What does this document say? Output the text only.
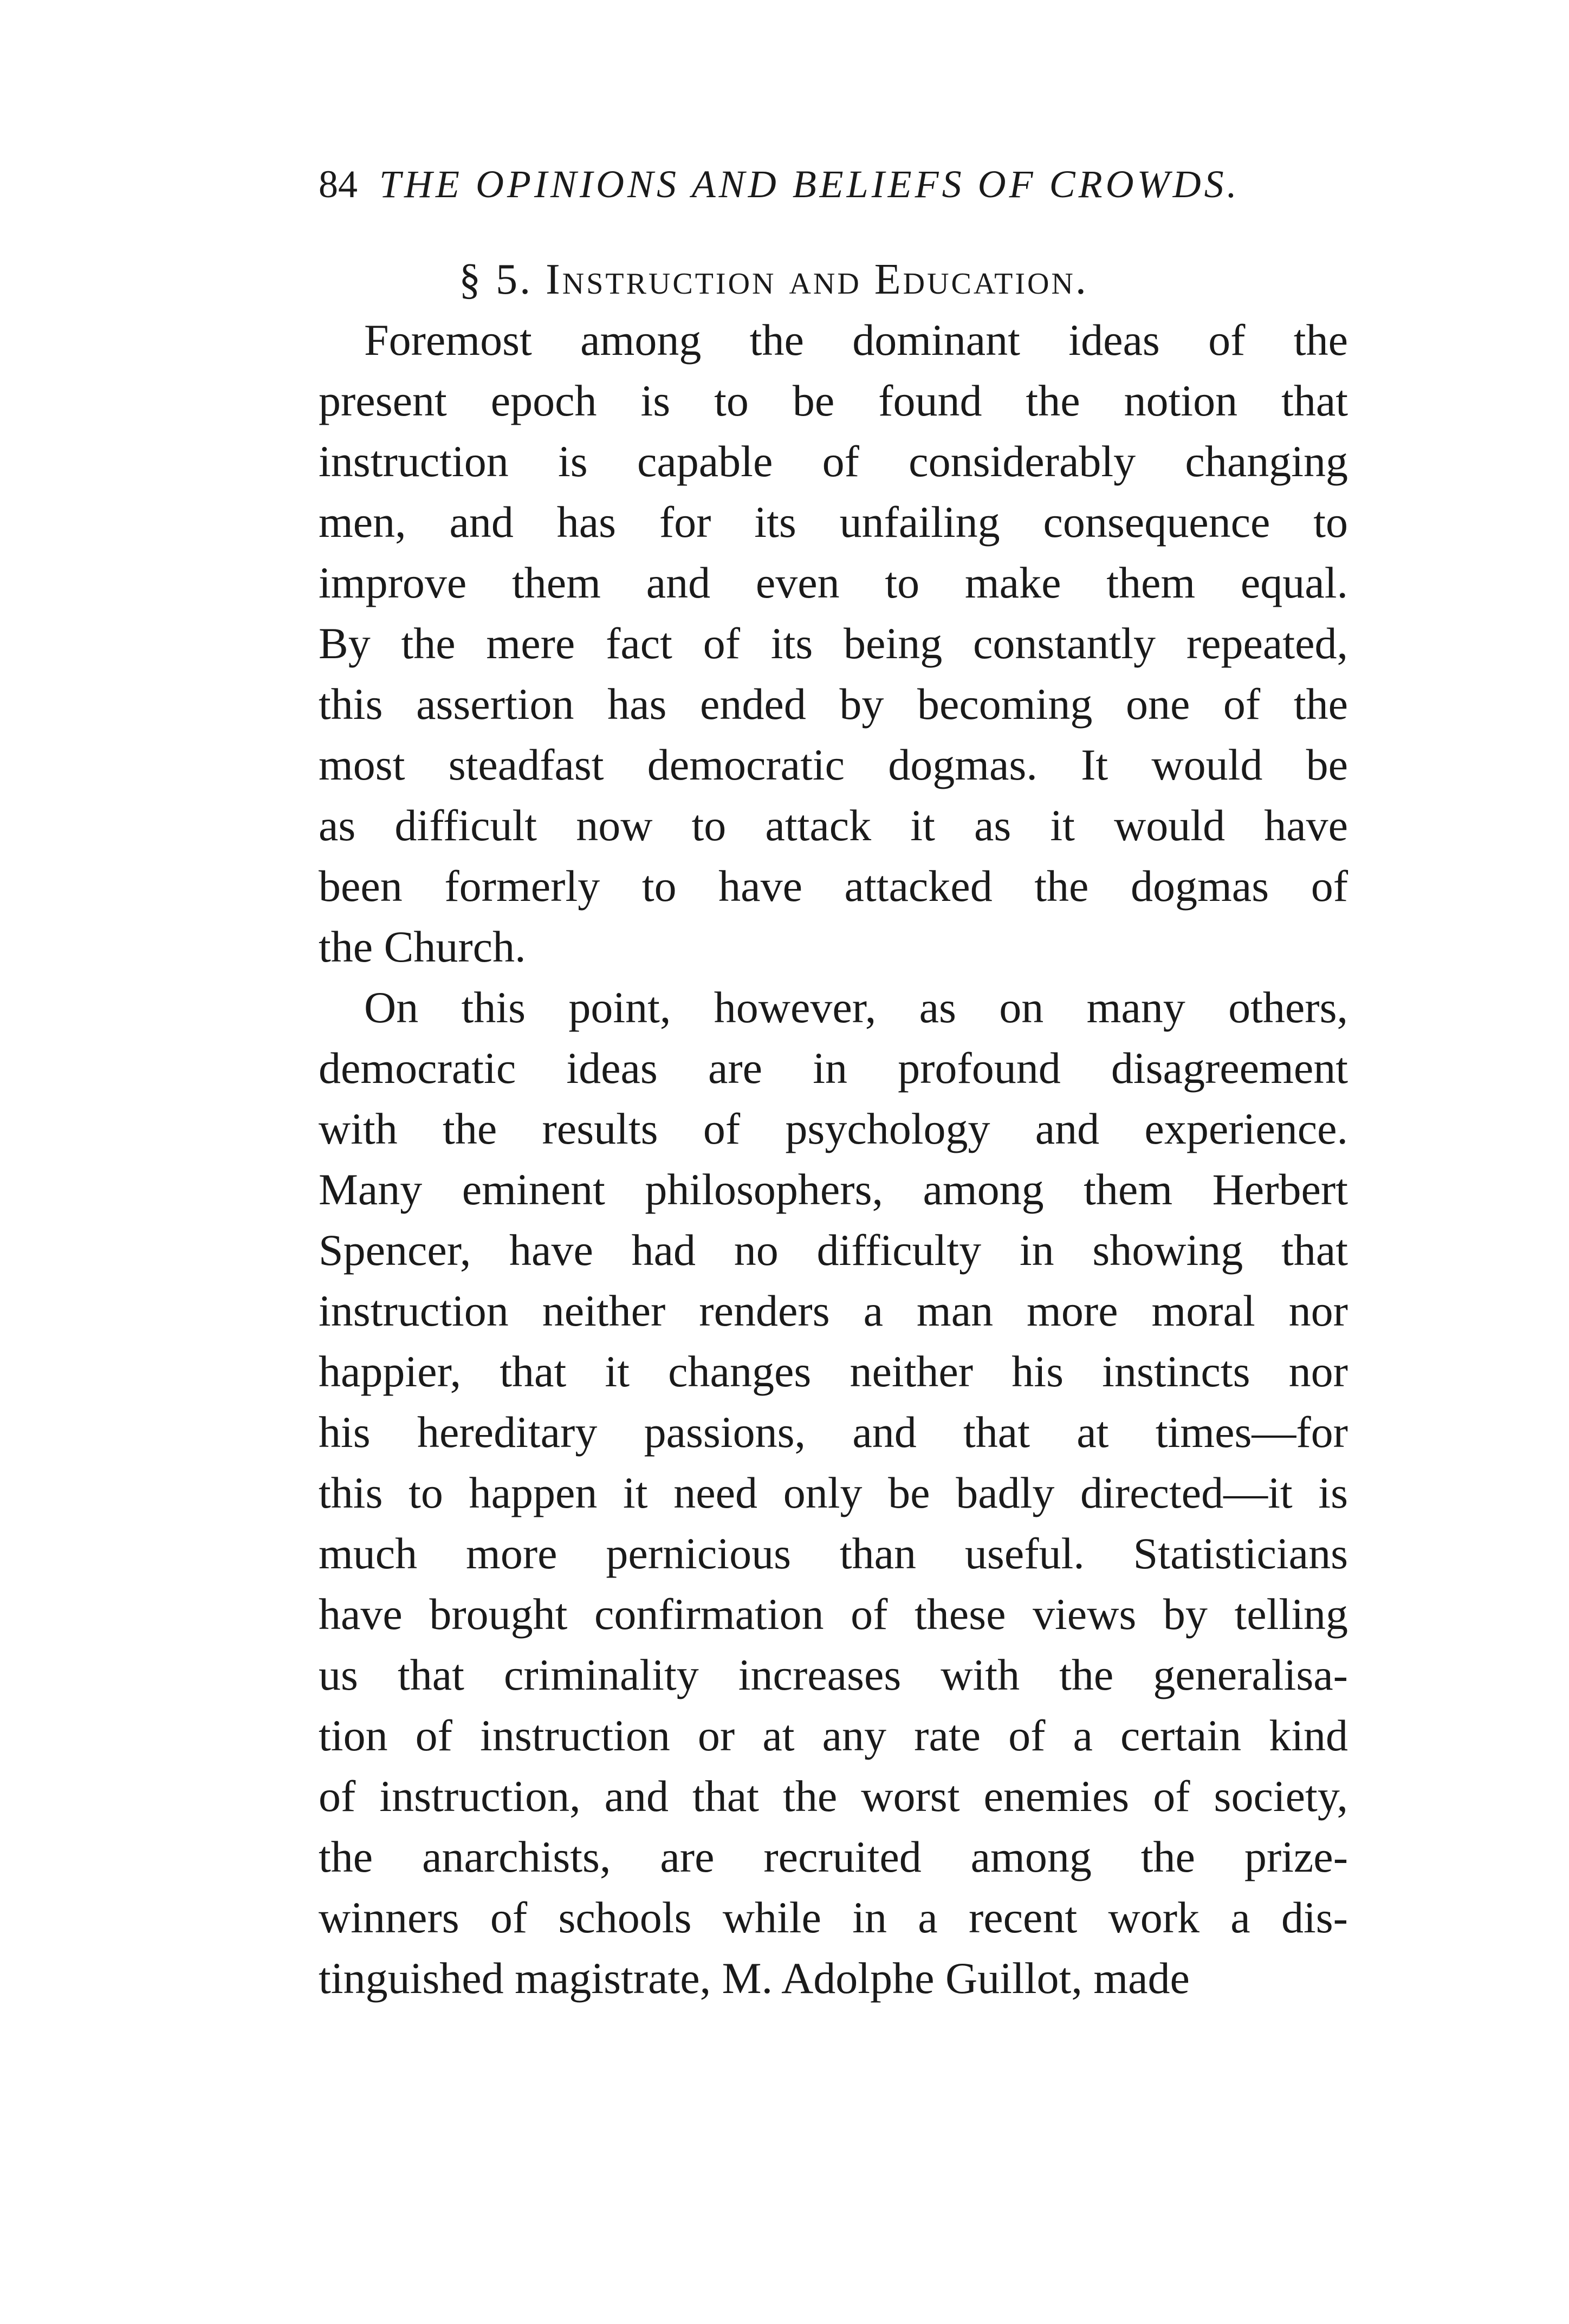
84 THE OPINIONS AND BELIEFS OF CROWDS.
§ 5. Instruction and Education.
Foremost among the dominant ideas of the
present epoch is to be found the notion that
instruction is capable of considerably changing
men, and has for its unfailing consequence to
improve them and even to make them equal.
By the mere fact of its being constantly repeated,
this assertion has ended by becoming one of the
most steadfast democratic dogmas. It would be
as difficult now to attack it as it would have
been formerly to have attacked the dogmas of
the Church.
On this point, however, as on many others,
democratic ideas are in profound disagreement
with the results of psychology and experience.
Many eminent philosophers, among them Herbert
Spencer, have had no difficulty in showing that
instruction neither renders a man more moral nor
happier, that it changes neither his instincts nor
his hereditary passions, and that at times—for
this to happen it need only be badly directed—it is
much more pernicious than useful. Statisticians
have brought confirmation of these views by telling
us that criminality increases with the generalisa-
tion of instruction or at any rate of a certain kind
of instruction, and that the worst enemies of society,
the anarchists, are recruited among the prize-
winners of schools while in a recent work a dis-
tinguished magistrate, M. Adolphe Guillot, made
